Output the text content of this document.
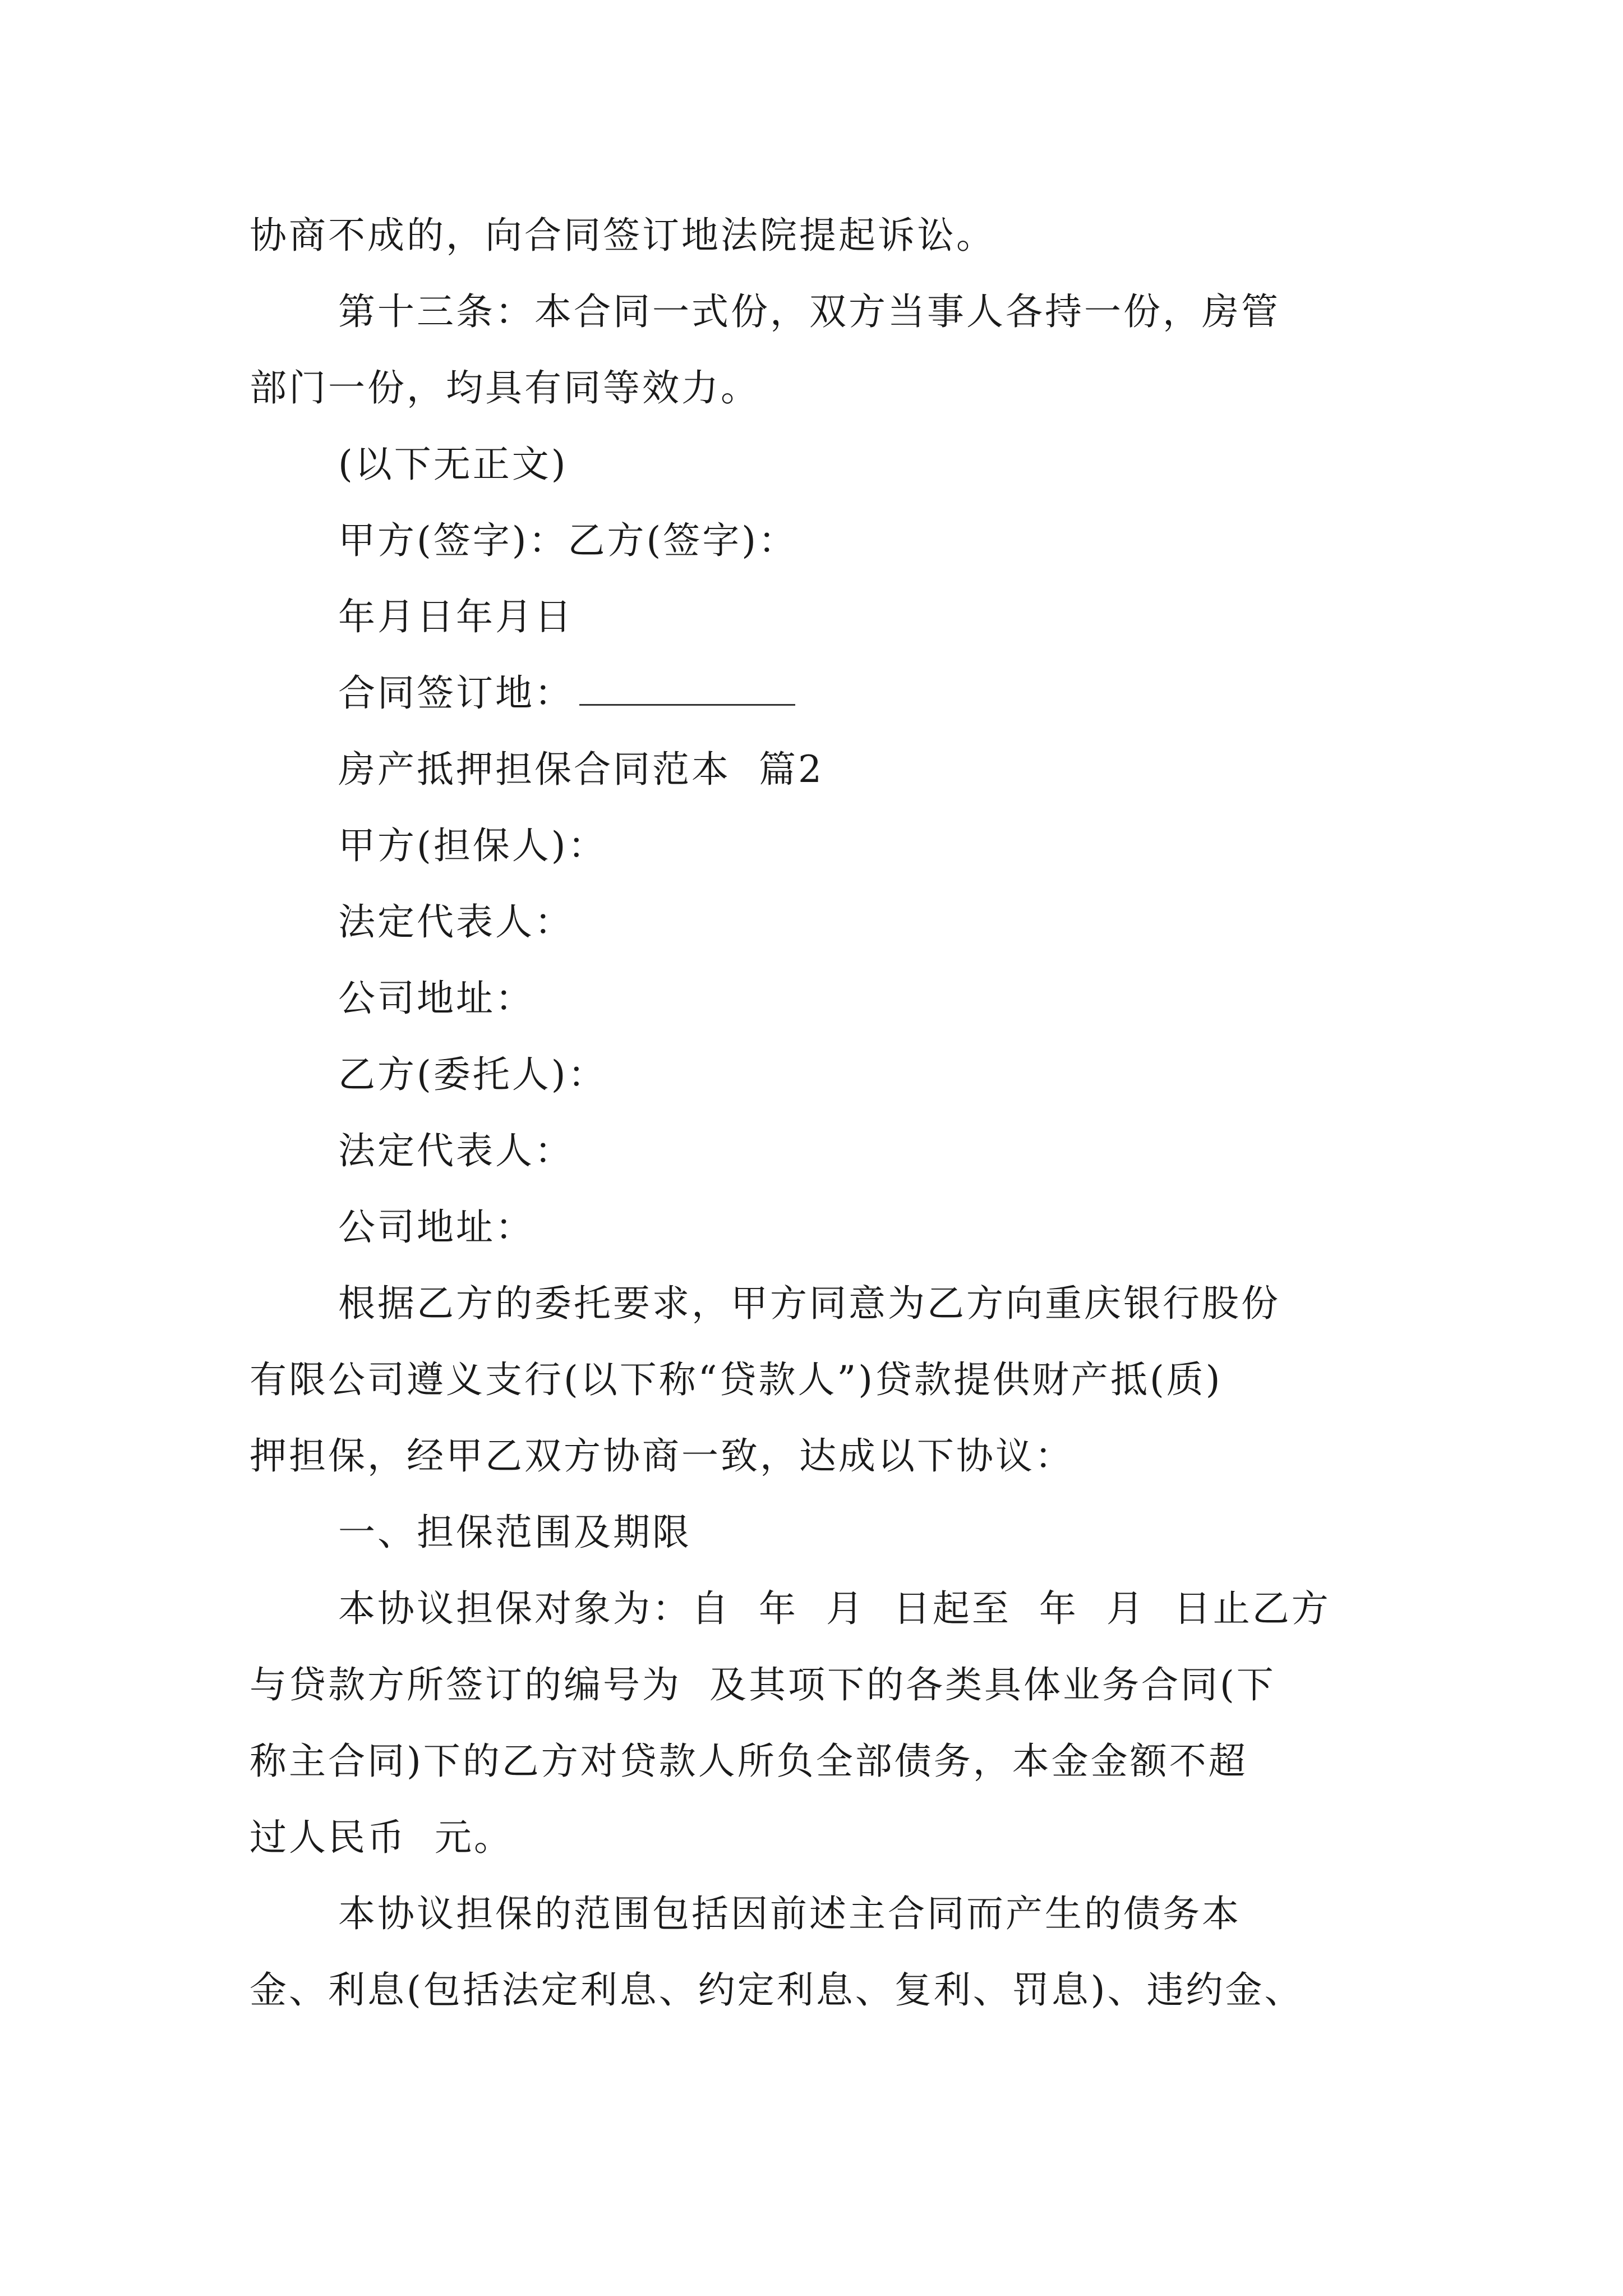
协商不成的，向合同签订地法院提起诉讼。
第十三条：本合同一式份，双方当事人各持一份，房管
部门一份，均具有同等效力。
(以下无正文)
甲方(签字)：乙方(签字)：
年月日年月日
合同签订地：
房产抵押担保合同范本  篇2
甲方(担保人)：
法定代表人：
公司地址：
乙方(委托人)：
法定代表人：
公司地址：
根据乙方的委托要求，甲方同意为乙方向重庆银行股份
有限公司遵义支行(以下称“贷款人”)贷款提供财产抵(质)
押担保，经甲乙双方协商一致，达成以下协议：
一、担保范围及期限
本协议担保对象为：自  年  月  日起至  年  月  日止乙方
与贷款方所签订的编号为  及其项下的各类具体业务合同(下
称主合同)下的乙方对贷款人所负全部债务，本金金额不超
过人民币  元。
本协议担保的范围包括因前述主合同而产生的债务本
金、利息(包括法定利息、约定利息、复利、罚息)、违约金、
